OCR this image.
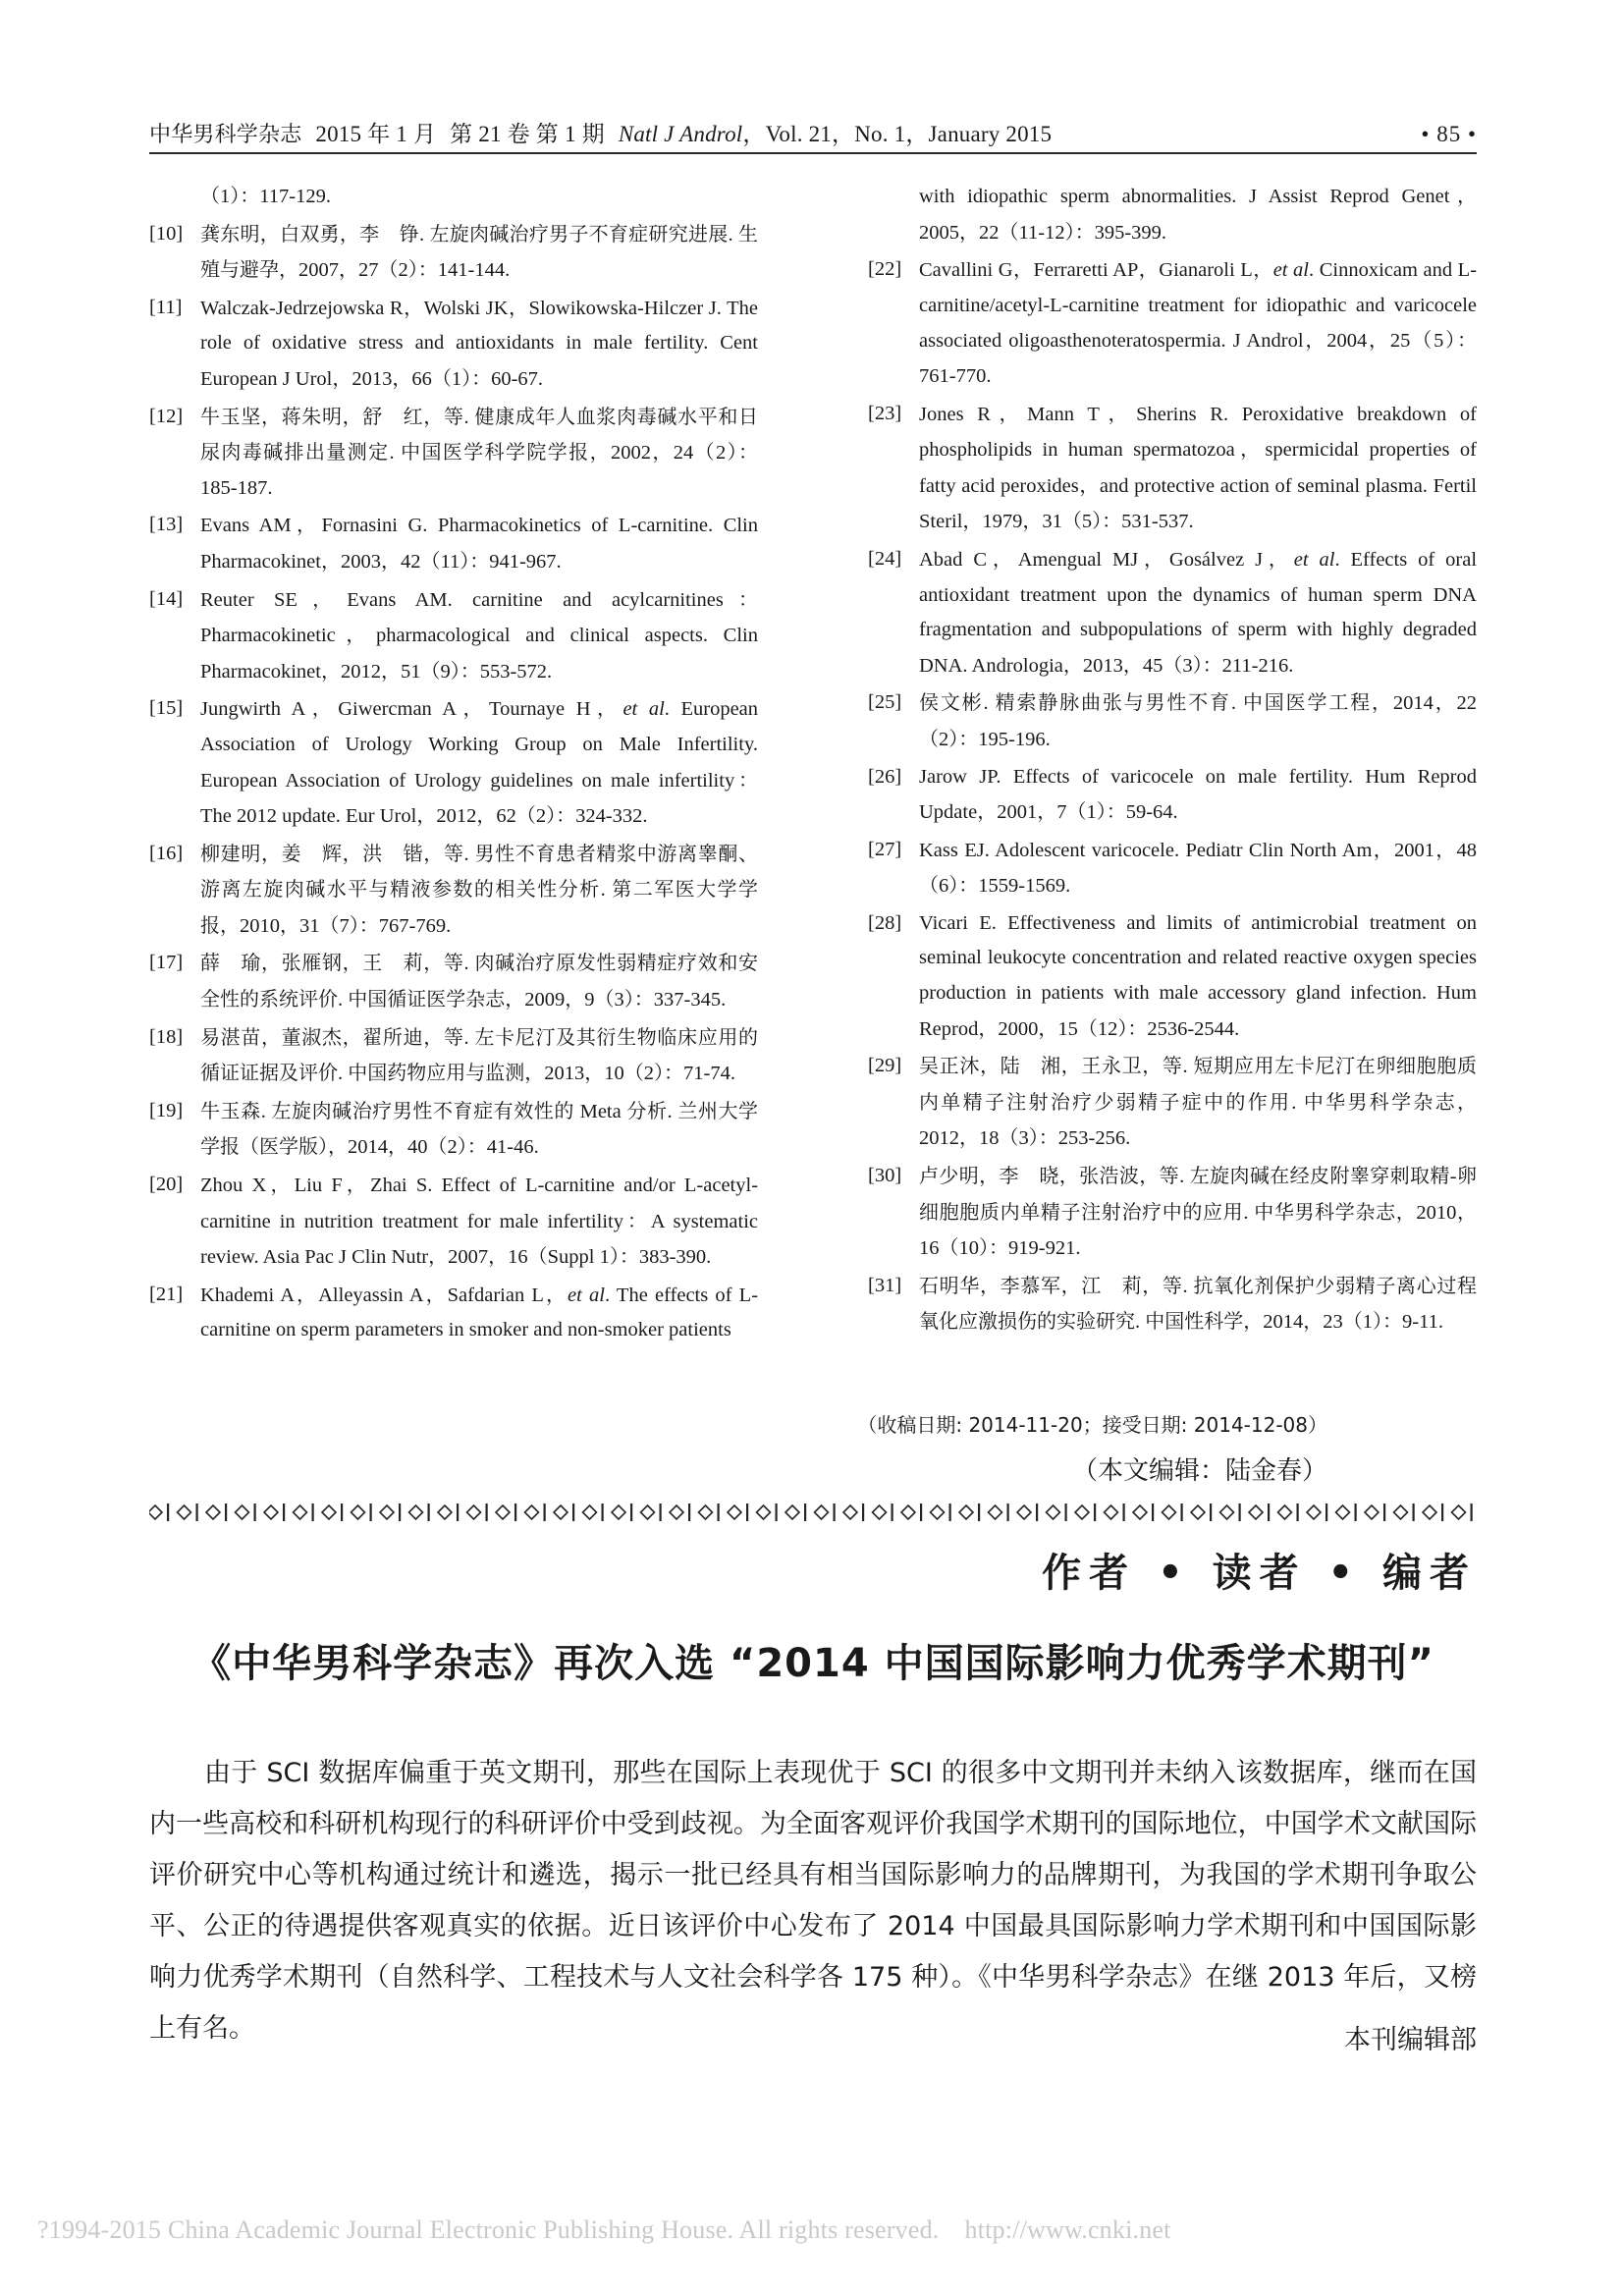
中华男科学杂志 2015 年 1 月 第 21 卷 第 1 期 Natl J Androl，Vol. 21，No. 1，January 2015	• 85 •
（1）：117-129.
[10] 龚东明，白双勇，李　铮. 左旋肉碱治疗男子不育症研究进展. 生殖与避孕，2007，27（2）：141-144.
[11] Walczak-Jedrzejowska R，Wolski JK，Slowikowska-Hilczer J. The role of oxidative stress and antioxidants in male fertility. Cent European J Urol，2013，66（1）：60-67.
[12] 牛玉坚，蒋朱明，舒　红，等. 健康成年人血浆肉毒碱水平和日尿肉毒碱排出量测定. 中国医学科学院学报，2002，24（2）：185-187.
[13] Evans AM，Fornasini G. Pharmacokinetics of L-carnitine. Clin Pharmacokinet，2003，42（11）：941-967.
[14] Reuter SE，Evans AM. carnitine and acylcarnitines：Pharmacokinetic，pharmacological and clinical aspects. Clin Pharmacokinet，2012，51（9）：553-572.
[15] Jungwirth A，Giwercman A，Tournaye H，et al. European Association of Urology Working Group on Male Infertility. European Association of Urology guidelines on male infertility：The 2012 update. Eur Urol，2012，62（2）：324-332.
[16] 柳建明，姜　辉，洪　锴，等. 男性不育患者精浆中游离睾酮、游离左旋肉碱水平与精液参数的相关性分析. 第二军医大学学报，2010，31（7）：767-769.
[17] 薛　瑜，张雁钢，王　莉，等. 肉碱治疗原发性弱精症疗效和安全性的系统评价. 中国循证医学杂志，2009，9（3）：337-345.
[18] 易湛苗，董淑杰，翟所迪，等. 左卡尼汀及其衍生物临床应用的循证证据及评价. 中国药物应用与监测，2013，10（2）：71-74.
[19] 牛玉森. 左旋肉碱治疗男性不育症有效性的 Meta 分析. 兰州大学学报（医学版），2014，40（2）：41-46.
[20] Zhou X，Liu F，Zhai S. Effect of L-carnitine and/or L-acetyl-carnitine in nutrition treatment for male infertility：A systematic review. Asia Pac J Clin Nutr，2007，16（Suppl 1）：383-390.
[21] Khademi A，Alleyassin A，Safdarian L，et al. The effects of L-carnitine on sperm parameters in smoker and non-smoker patients
with idiopathic sperm abnormalities. J Assist Reprod Genet，2005，22（11-12）：395-399.
[22] Cavallini G，Ferraretti AP，Gianaroli L，et al. Cinnoxicam and L-carnitine/acetyl-L-carnitine treatment for idiopathic and varicocele associated oligoasthenoteratospermia. J Androl，2004，25（5）：761-770.
[23] Jones R，Mann T，Sherins R. Peroxidative breakdown of phospholipids in human spermatozoa，spermicidal properties of fatty acid peroxides，and protective action of seminal plasma. Fertil Steril，1979，31（5）：531-537.
[24] Abad C，Amengual MJ，Gosálvez J，et al. Effects of oral antioxidant treatment upon the dynamics of human sperm DNA fragmentation and subpopulations of sperm with highly degraded DNA. Andrologia，2013，45（3）：211-216.
[25] 侯文彬. 精索静脉曲张与男性不育. 中国医学工程，2014，22（2）：195-196.
[26] Jarow JP. Effects of varicocele on male fertility. Hum Reprod Update，2001，7（1）：59-64.
[27] Kass EJ. Adolescent varicocele. Pediatr Clin North Am，2001，48（6）：1559-1569.
[28] Vicari E. Effectiveness and limits of antimicrobial treatment on seminal leukocyte concentration and related reactive oxygen species production in patients with male accessory gland infection. Hum Reprod，2000，15（12）：2536-2544.
[29] 吴正沐，陆　湘，王永卫，等. 短期应用左卡尼汀在卵细胞胞质内单精子注射治疗少弱精子症中的作用. 中华男科学杂志，2012，18（3）：253-256.
[30] 卢少明，李　晓，张浩波，等. 左旋肉碱在经皮附睾穿刺取精-卵细胞胞质内单精子注射治疗中的应用. 中华男科学杂志，2010，16（10）：919-921.
[31] 石明华，李慕军，江　莉，等. 抗氧化剂保护少弱精子离心过程氧化应激损伤的实验研究. 中国性科学，2014，23（1）：9-11.
（收稿日期: 2014-11-20；接受日期: 2014-12-08）
（本文编辑：陆金春）
作者 • 读者 • 编者
《中华男科学杂志》再次入选 “2014 中国国际影响力优秀学术期刊”
由于 SCI 数据库偏重于英文期刊，那些在国际上表现优于 SCI 的很多中文期刊并未纳入该数据库，继而在国内一些高校和科研机构现行的科研评价中受到歧视。为全面客观评价我国学术期刊的国际地位，中国学术文献国际评价研究中心等机构通过统计和遴选，揭示一批已经具有相当国际影响力的品牌期刊，为我国的学术期刊争取公平、公正的待遇提供客观真实的依据。近日该评价中心发布了 2014 中国最具国际影响力学术期刊和中国国际影响力优秀学术期刊（自然科学、工程技术与人文社会科学各 175 种）。《中华男科学杂志》在继 2013 年后，又榜上有名。	本刊编辑部
?1994-2015 China Academic Journal Electronic Publishing House. All rights reserved. http://www.cnki.net
